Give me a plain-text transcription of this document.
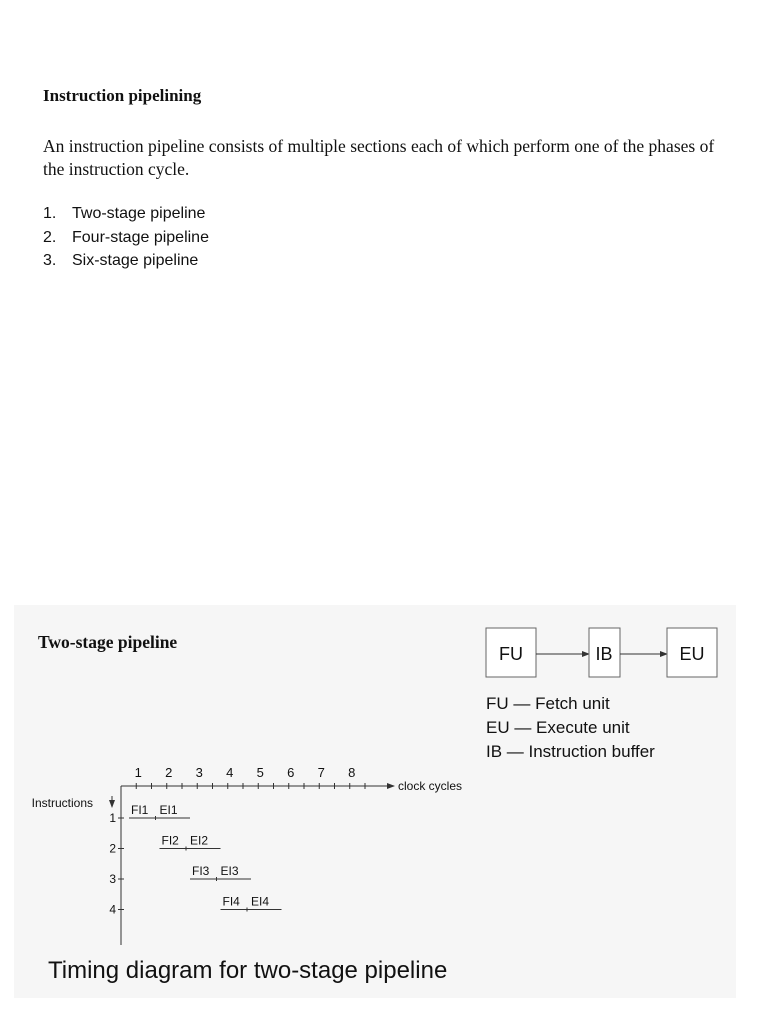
Instruction pipelining
An instruction pipeline consists of multiple sections each of which perform one of the phases of the instruction cycle.
1. Two-stage pipeline
2. Four-stage pipeline
3. Six-stage pipeline
Two-stage pipeline
FU	IB	EU
clock cycles
Instructions
1 2 3 4 5 6 7 8
1
2
3
4
FI1 EI1
FI2 EI2
FI3 EI3
FI4 EI4
FU — Fetch unit
EU — Execute unit
IB — Instruction buffer
Timing diagram for two-stage pipeline
